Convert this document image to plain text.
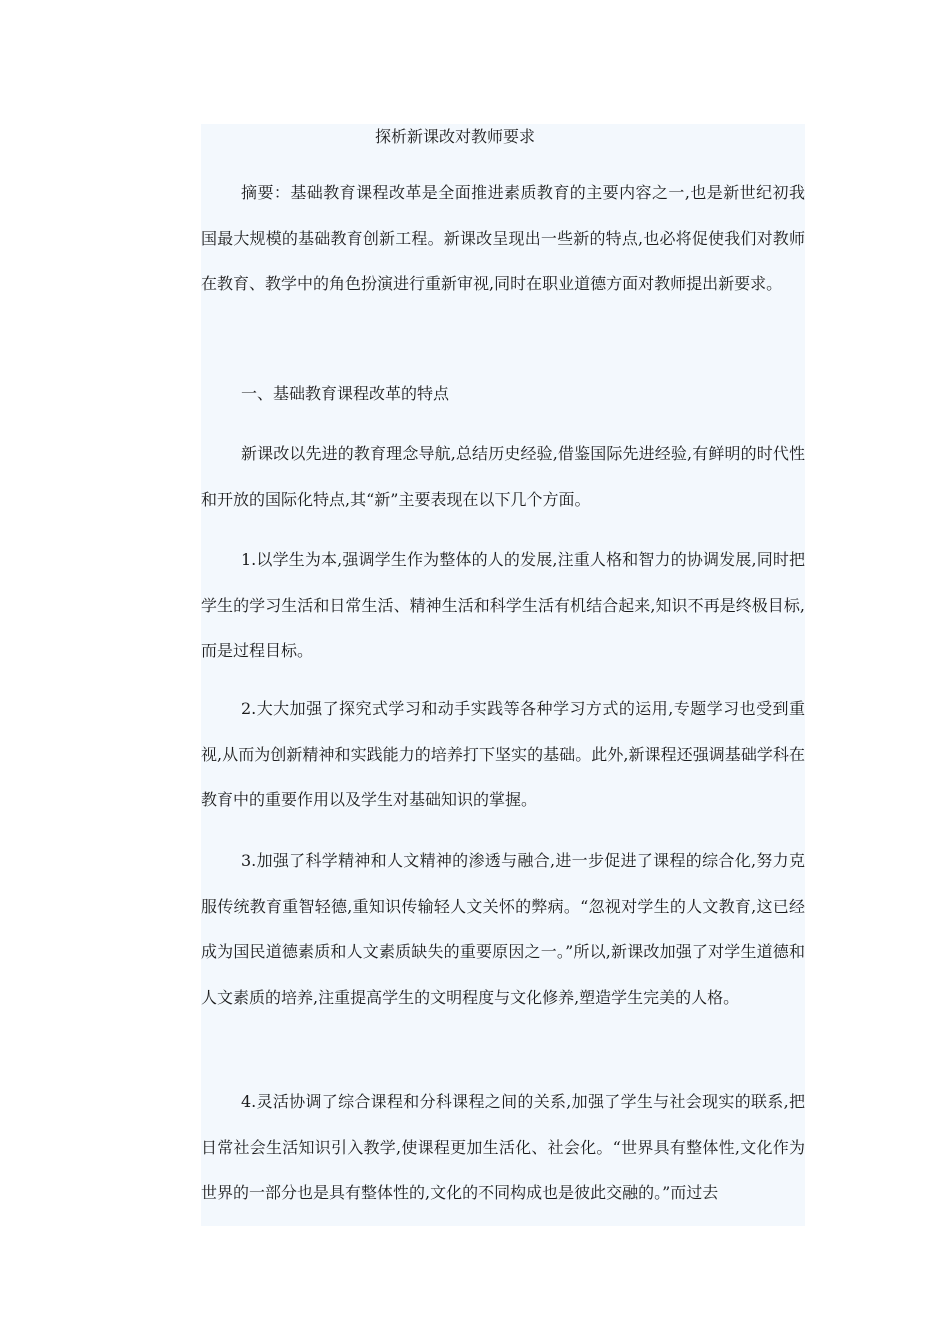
探析新课改对教师要求

摘要：基础教育课程改革是全面推进素质教育的主要内容之一,也是新世纪初我国最大规模的基础教育创新工程。新课改呈现出一些新的特点,也必将促使我们对教师在教育、教学中的角色扮演进行重新审视,同时在职业道德方面对教师提出新要求。

一、基础教育课程改革的特点

新课改以先进的教育理念导航,总结历史经验,借鉴国际先进经验,有鲜明的时代性和开放的国际化特点,其“新”主要表现在以下几个方面。

1.以学生为本,强调学生作为整体的人的发展,注重人格和智力的协调发展,同时把学生的学习生活和日常生活、精神生活和科学生活有机结合起来,知识不再是终极目标,而是过程目标。

2.大大加强了探究式学习和动手实践等各种学习方式的运用,专题学习也受到重视,从而为创新精神和实践能力的培养打下坚实的基础。此外,新课程还强调基础学科在教育中的重要作用以及学生对基础知识的掌握。

3.加强了科学精神和人文精神的渗透与融合,进一步促进了课程的综合化,努力克服传统教育重智轻德,重知识传输轻人文关怀的弊病。“忽视对学生的人文教育,这已经成为国民道德素质和人文素质缺失的重要原因之一。”所以,新课改加强了对学生道德和人文素质的培养,注重提高学生的文明程度与文化修养,塑造学生完美的人格。

4.灵活协调了综合课程和分科课程之间的关系,加强了学生与社会现实的联系,把日常社会生活知识引入教学,使课程更加生活化、社会化。“世界具有整体性,文化作为世界的一部分也是具有整体性的,文化的不同构成也是彼此交融的。”而过去
